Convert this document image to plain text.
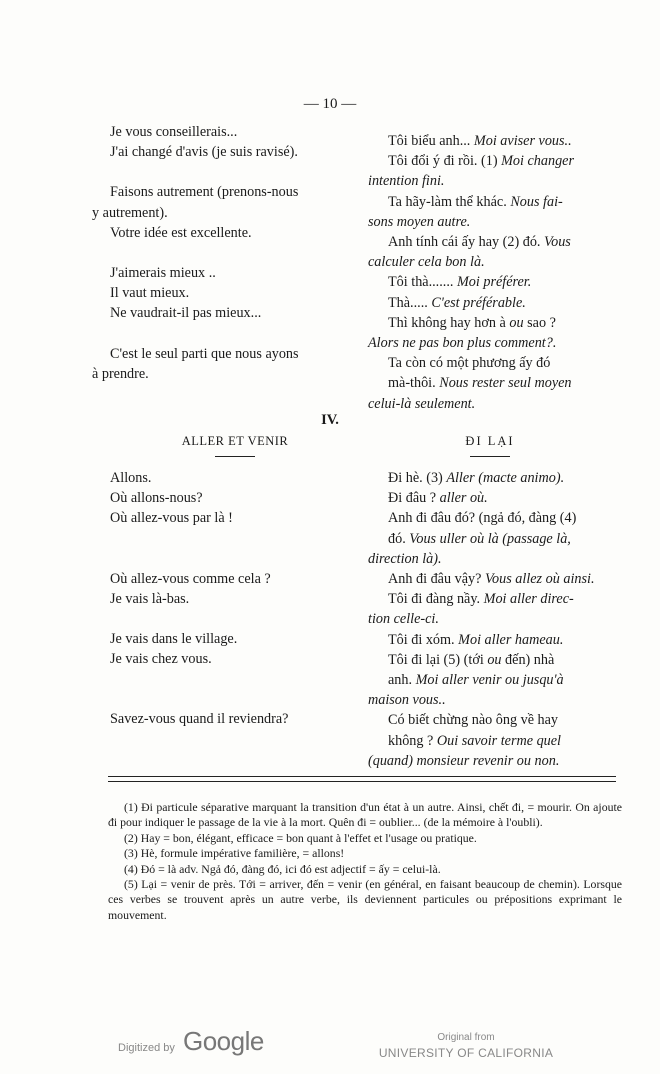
— 10 —
Je vous conseillerais...
J'ai changé d'avis (je suis ravisé).
Faisons autrement (prenons-nous
y autrement).
Votre idée est excellente.
J'aimerais mieux ..
Il vaut mieux.
Ne vaudrait-il pas mieux...
C'est le seul parti que nous ayons
à prendre.
Tôi biểu anh... Moi aviser vous..
Tôi đổi ý đi rồi. (1) Moi changer
intention fini.
Ta hãy-làm thể khác. Nous fai-
sons moyen autre.
Anh tính cái ấy hay (2) đó. Vous
calculer cela bon là.
Tôi thà....... Moi préférer.
Thà..... C'est préférable.
Thì không hay hơn à ou sao ?
Alors ne pas bon plus comment?.
Ta còn có một phương ấy đó
mà-thôi. Nous rester seul moyen
celui-là seulement.
IV.
ALLER ET VENIR	ĐI LẠI
Allons.
Où allons-nous?
Où allez-vous par là !
Où allez-vous comme cela ?
Je vais là-bas.
Je vais dans le village.
Je vais chez vous.
Savez-vous quand il reviendra?
Đi hè. (3) Aller (macte animo).
Đi đâu ? aller où.
Anh đi đâu đó? (ngả đó, đàng (4)
đó. Vous uller où là (passage là,
direction là).
Anh đi đâu vậy? Vous allez où ainsi.
Tôi đi đàng nầy. Moi aller direc-
tion celle-ci.
Tôi đi xóm. Moi aller hameau.
Tôi đi lại (5) (tới ou đến) nhà
anh. Moi aller venir ou jusqu'à
maison vous..
Có biết chừng nào ông về hay
không ? Oui savoir terme quel
(quand) monsieur revenir ou non.
(1) Đi particule séparative marquant la transition d'un état à un autre. Ainsi, chết đi, = mourir. On ajoute đi pour indiquer le passage de la vie à la mort. Quên đi = oublier... (de la mémoire à l'oubli).
(2) Hay = bon, élégant, efficace = bon quant à l'effet et l'usage ou pratique.
(3) Hè, formule impérative familière, = allons!
(4) Đó = là adv. Ngả đó, đàng đó, ici đó est adjectif = ấy = celui-là.
(5) Lại = venir de près. Tới = arriver, đến = venir (en général, en faisant beaucoup de chemin). Lorsque ces verbes se trouvent après un autre verbe, ils deviennent particules ou prépositions exprimant le mouvement.
Digitized by Google	Original from
UNIVERSITY OF CALIFORNIA
